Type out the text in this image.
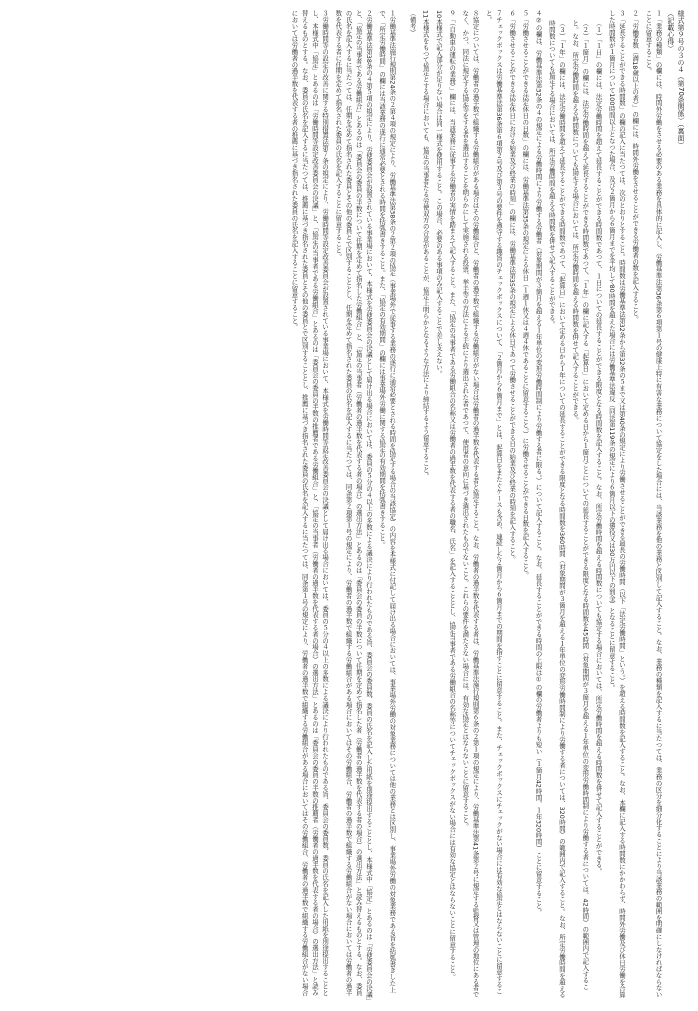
様式第９号の３の４（第70条関係）（裏面）
（記載心得）
１「業務の種類」の欄には、時間外労働をさせる必要のある業務を具体的に記入し、労働基準法第36条第６項第１号の健康上特に有害な業務について協定をした場合には、当該業務を他の業務と区別して記入すること。なお、業務の種類を記入するに当たつては、業務の区分を細分化することにより当該業務の範囲を明確にしなければならないことに留意すること。
２「労働者数（満18歳以上の者）」の欄には、時間外労働をさせることができる労働者の数を記入すること。
３「延長することができる時間数」の欄の記入に当たつては、次のとおりとすること。時間数は労働基準法第32条から第32条の５まで又は第40条の規定により労働させることができる最長の労働時間（以下「法定労働時間」という。）を超える時間数を記入すること。なお、本欄に記入する時間数にかかわらず、時間外労働及び休日労働を合算した時間数が１箇月について100時間以上となつた場合、及び２箇月から６箇月までを平均して80時間を超えた場合には労働基準法違反（同法第119条の規定により６箇月以下の懲役又は30万円以下の罰金）となることに留意すること。
（１）「１日」の欄には、法定労働時間を超えて延長することができる時間数であつて、１日についての延長することができる限度となる時間数を記入すること。なお、所定労働時間を超える時間数についても協定する場合においては、所定労働時間を超える時間数を併せて記入することができる。
（２）「１箇月」の欄には、法定労働時間を超えて延長することができる時間数であつて、「１年」の欄に記入する「起算日」において定める日から１箇月ごとについての延長することができる限度となる時間数を45時間（対象期間が３箇月を超える１年単位の変形労働時間制により労働する者については、42時間）の範囲内で記入すること。なお、所定労働時間を超える時間数についても協定する場合においては、所定労働時間を超える時間数を併せて記入することができる。
（３）「１年」の欄には、法定労働時間を超えて延長することができる時間数であつて、「起算日」において定める日から１年についての延長することができる限度となる時間数を360時間（対象期間が３箇月を超える１年単位の変形労働時間制により労働する者については、320時間）の範囲内で記入すること。なお、所定労働時間を超える時間数についても協定する場合においては、所定労働時間を超える時間数を併せて記入することができる。
４②の欄は、労働基準法第32条の４の規定による労働時間により労働する労働者（対象期間が３箇月を超える１年単位の変形労働時間制により労働する者に限る。）について記入すること。なお、延長することができる時間の上限は①の欄の労働者よりも短い（１箇月42時間、１年320時間）ことに留意すること。
５「労働させることができる法定休日の日数」の欄には、労働基準法第35条の規定による休日（１週１休又は４週４休であることに留意すること。）に労働させることができる日数を記入すること。
６「労働させることができる法定休日における始業及び終業の時刻」の欄には、労働基準法第35条の規定による休日であつて労働させることができる日の始業及び終業の時刻を記入すること。
７チェックボックスは労働基準法第36条第６項第２号及び第３号の要件を遵守する趣旨のチェックボックスについて、「２箇月から６箇月まで」とは、起算日をまたぐケースも含め、連続した２箇月から６箇月までの期間を指すことに留意すること。また、チェックボックスにチェックがない場合には有効な協定とはならないことに留意すること。
８協定については、労働者の過半数で組織する労働組合がある場合はその労働組合と、労働者の過半数で組織する労働組合がない場合は労働者の過半数を代表する者と協定すること。なお、労働者の過半数を代表する者は、労働基準法施行規則第６条の２第１項の規定により、労働基準法第41条第２号に規定する監督又は管理の地位にある者でなく、かつ、同法に規定する協定等をする者を選出することを明らかにして実施される投票、挙手等の方法による手続により選出された者であつて、使用者の意向に基づき選出されたものでないこと。これらの要件を満たさない場合には、有効な協定とはならないことに留意すること。
９「（自動車の運転の業務）」欄には、当該業務に従事する労働者の実情を踏まえて記入すること。また、「協定の当事者である労働組合の名称又は労働者の過半数を代表する者の職名、氏名」を記入することとし、協定当事者である労働組合の名称等についてチェックボックスがない場合には有効な協定とはならないことに留意すること。
10本様式で記入部分が足りない場合は同一様式を使用すること。この場合、必要のある事項のみ記入することで差し支えない。
11本様式をもつて協定とする場合においても、協定の当事者たる労使双方の合意があることが、協定上明らかとなるような方法により締結するよう留意すること。
（備考）
１労働基準法施行規則第24条の２第４項の規定により、労働基準法第38条の２第２項の協定（事業場外で従事する業務の遂行に通常必要とされる時間を協定する場合の当該協定）の内容を本様式に付記して届け出る場合においては、事業場外労働の対象業務については他の業務とは区別し、事業場外労働の対象業務である旨を括弧書きした上で、「所定労働時間」の欄には当該業務の遂行に通常必要とされる時間を括弧書きすること。また、「協定の有効期間」の欄には事業場外労働に関する協定の有効期間を括弧書きすること。
２労働基準法第38条の４第５項の規定により、労使委員会が設置されている事業場において、本様式を労使委員会の決議として届け出る場合においては、委員の５分の４以上の多数による議決により行われたものである旨、委員会の委員数、委員の氏名を記入した用紙を別途提出することとし、本様式中「協定」とあるのは「労使委員会の決議」と、「協定の当事者である労働組合」とあるのは「委員会の委員の半数について任期を定めて指名した労働組合」と、「協定の当事者（労働者の過半数を代表する者の場合）の選出方法」とあるのは「委員会の委員の半数について任期を定めて指名した者（労働者の過半数を代表する者の場合）の選出方法」と読み替えるものとする。なお、委員の氏名を記入するに当たつては、任期を定めて指名された委員とその他の委員とで区別することとし、任期を定めて指名された委員の氏名を記入するに当たつては、同条第２項第１号の規定により、労働者の過半数で組織する労働組合がある場合においてはその労働組合、労働者の過半数で組織する労働組合がない場合においては労働者の過半数を代表する者に任期を定めて指名された委員の氏名を記入することに留意すること。
３労働時間等の設定の改善に関する特別措置法第７条の規定により、労働時間等設定改善委員会が設置されている事業場において、本様式を労働時間等設定改善委員会の決議として届け出る場合においては、委員の５分の４以上の多数による議決により行われたものである旨、委員会の委員数、委員の氏名を記入した用紙を別途提出することとし、本様式中「協定」とあるのは「労働時間等設定改善委員会の決議」と、「協定の当事者である労働組合」とあるのは「委員会の委員の半数の推薦者である労働組合」と、「協定の当事者（労働者の過半数を代表する者の場合）の選出方法」とあるのは「委員会の委員の半数の推薦者（労働者の過半数を代表する者の場合）の選出方法」と読み替えるものとする。なお、委員の氏名を記入するに当たつては、推薦に基づき指名された委員とその他の委員とで区別することとし、推薦に基づき指名された委員の氏名を記入するに当たつては、同条第１号の規定により、労働者の過半数で組織する労働組合がある場合においてはその労働組合、労働者の過半数で組織する労働組合がない場合においては労働者の過半数を代表する者の推薦に基づき指名された委員の氏名を記入することに留意すること。
